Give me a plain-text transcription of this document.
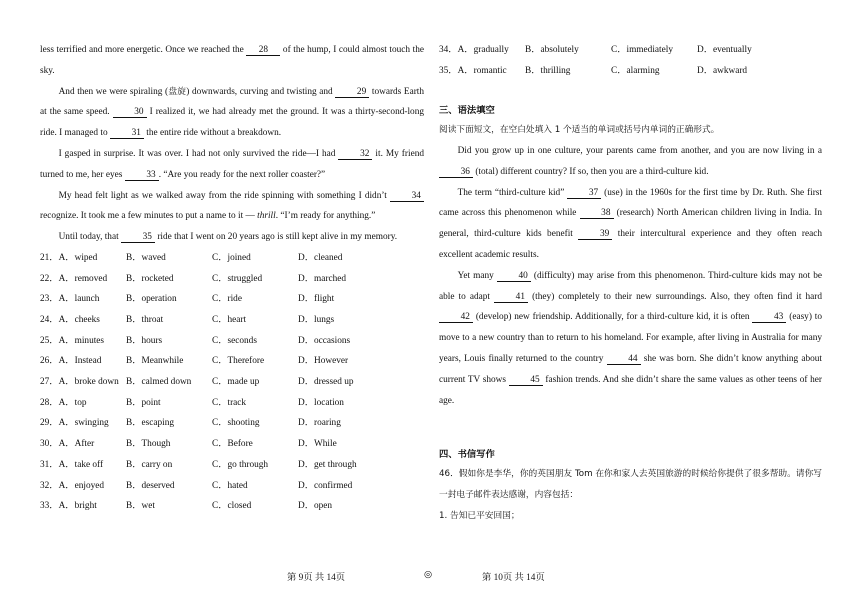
less terrified and more energetic. Once we reached the 28 of the hump, I could almost touch the sky.
And then we were spiraling (盘旋) downwards, curving and twisting and 29 towards Earth at the same speed. 30 I realized it, we had already met the ground. It was a thirty-second-long ride. I managed to 31 the entire ride without a breakdown.
I gasped in surprise. It was over. I had not only survived the ride—I had 32 it. My friend turned to me, her eyes 33 . “Are you ready for the next roller coaster?”
My head felt light as we walked away from the ride spinning with something I didn’t 34 recognize. It took me a few minutes to put a name to it — thrill. “I’m ready for anything.”
Until today, that 35 ride that I went on 20 years ago is still kept alive in my memory.
21．A．wiped	B．waved	C．joined	D．cleaned
22．A．removed	B．rocketed	C．struggled	D．marched
23．A．launch	B．operation	C．ride	D．flight
24．A．cheeks	B．throat	C．heart	D．lungs
25．A．minutes	B．hours	C．seconds	D．occasions
26．A．Instead	B．Meanwhile	C．Therefore	D．However
27．A．broke down B．calmed down	C．made up	D．dressed up
28．A．top	B．point	C．track	D．location
29．A．swinging	B．escaping	C．shooting	D．roaring
30．A．After	B．Though	C．Before	D．While
31．A．take off	B．carry on	C．go through	D．get through
32．A．enjoyed	B．deserved	C．hated	D．confirmed
33．A．bright	B．wet	C．closed	D．open
34．A．gradually	B．absolutely	C．immediately	D．eventually
35．A．romantic	B．thrilling	C．alarming	D．awkward
三、语法填空
阅读下面短文，在空白处填入 1 个适当的单词或括号内单词的正确形式。
Did you grow up in one culture, your parents came from another, and you are now living in a 36 (total) different country? If so, then you are a third-culture kid.
The term “third-culture kid” 37 (use) in the 1960s for the first time by Dr. Ruth. She first came across this phenomenon while 38 (research) North American children living in India. In general, third-culture kids benefit 39 their intercultural experience and they often reach excellent academic results.
Yet many 40 (difficulty) may arise from this phenomenon. Third-culture kids may not be able to adapt 41 (they) completely to their new surroundings. Also, they often find it hard 42 (develop) new friendship. Additionally, for a third-culture kid, it is often 43 (easy) to move to a new country than to return to his homeland. For example, after living in Australia for many years, Louis finally returned to the country 44 she was born. She didn’t know anything about current TV shows 45 fashion trends. And she didn’t share the same values as other teens of her age.
四、书信写作
46．假如你是李华，你的英国朋友 Tom 在你和家人去英国旅游的时候给你提供了很多帮助。请你写一封电子邮件表达感谢，内容包括：
1. 告知已平安回国；
第 9页 共 14页	◎	第 10页 共 14页
